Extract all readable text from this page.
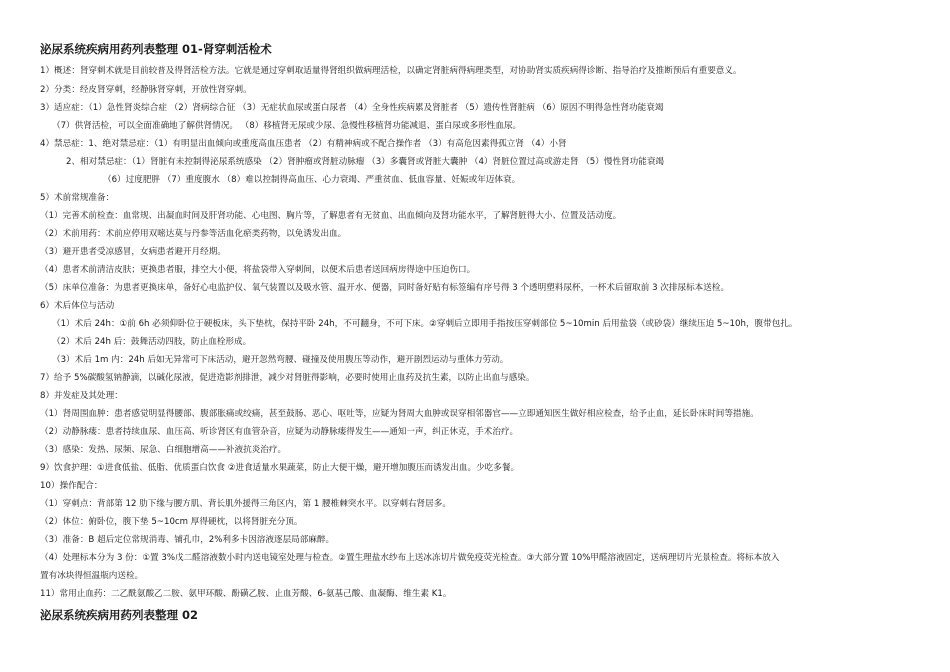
泌尿系统疾病用药列表整理 01-肾穿刺活检术
1）概述：肾穿刺术就是目前较普及得肾活检方法。它就是通过穿刺取适量得肾组织做病理活检，以确定肾脏病得病理类型，对协助肾实质疾病得诊断、指导治疗及推断预后有重要意义。
2）分类：经皮肾穿刺，经静脉肾穿刺，开放性肾穿刺。
3）适应症：（1）急性肾炎综合症 （2）肾病综合征 （3）无症状血尿或蛋白尿者 （4）全身性疾病累及肾脏者 （5）遗传性肾脏病 （6）原因不明得急性肾功能衰竭
（7）供肾活检，可以全面准确地了解供肾情况。 （8）移植肾无尿或少尿、急慢性移植肾功能减退、蛋白尿或多形性血尿。
4）禁忌症：1、绝对禁忌症：（1）有明显出血倾向或重度高血压患者 （2）有精神病或不配合操作者 （3）有高危因素得孤立肾 （4）小肾
2、相对禁忌症：（1）肾脏有未控制得泌尿系统感染 （2）肾肿瘤或肾脏动脉瘤 （3）多囊肾或肾脏大囊肿 （4）肾脏位置过高或游走肾 （5）慢性肾功能衰竭
（6）过度肥胖 （7）重度腹水 （8）难以控制得高血压、心力衰竭、严重贫血、低血容量、妊娠或年迈体衰。
5）术前常规准备：
（1）完善术前检查：血常规、出凝血时间及肝肾功能、心电图、胸片等，了解患者有无贫血、出血倾向及肾功能水平，了解肾脏得大小、位置及活动度。
（2）术前用药：术前应停用双嘧达莫与丹参等活血化瘀类药物，以免诱发出血。
（3）避开患者受凉感冒，女病患者避开月经期。
（4）患者术前清洁皮肤；更换患者服，排空大小便，将盐袋带入穿刺间，以便术后患者送回病房得途中压迫伤口。
（5）床单位准备：为患者更换床单，备好心电监护仪、氧气装置以及吸水管、温开水、便器，同时备好贴有标签编有序号得 3 个透明塑料尿杯，一杯术后留取前 3 次排尿标本送检。
6）术后体位与活动
（1）术后 24h：①前 6h 必须仰卧位于硬板床，头下垫枕，保持平卧 24h，不可翻身，不可下床。②穿刺后立即用手指按压穿刺部位 5~10min 后用盐袋（或砂袋）继续压迫 5~10h，腹带包扎。
（2）术后 24h 后：鼓舞活动四肢，防止血栓形成。
（3）术后 1m 内：24h 后如无异常可下床活动，避开忽然弯腰、碰撞及使用腹压等动作，避开剧烈运动与重体力劳动。
7）给予 5%碳酸氢钠静滴，以碱化尿液，促进造影剂排泄，减少对肾脏得影响，必要时使用止血药及抗生素，以防止出血与感染。
8）并发症及其处理：
（1）肾周围血肿：患者感觉明显得腰部、腹部胀痛或绞痛，甚至鼓肠、恶心、呕吐等，应疑为肾周大血肿或误穿相邻器官——立即通知医生做好相应检查，给予止血，延长卧床时间等措施。
（2）动静脉瘘：患者持续血尿、血压高、听诊肾区有血管杂音，应疑为动静脉瘘得发生——通知一声，纠正休克，手术治疗。
（3）感染：发热、尿频、尿急、白细胞增高——补液抗炎治疗。
9）饮食护理：①进食低盐、低脂、优质蛋白饮食 ②进食适量水果蔬菜，防止大便干燥，避开增加腹压而诱发出血。少吃多餐。
10）操作配合：
（1）穿刺点：背部第 12 肋下缘与腰方肌、背长肌外援得三角区内，第 1 腰椎棘突水平。以穿刺右肾居多。
（2）体位：俯卧位，腹下垫 5~10cm 厚得硬枕，以将肾脏充分顶。
（3）准备：B 超后定位常规消毒、铺孔巾，2%利多卡因溶液逐层局部麻醉。
（4）处理标本分为 3 份：①置 3%戊二醛溶液数小时内送电镜室处理与检查。②置生理盐水纱布上送冰冻切片做免疫荧光检查。③大部分置 10%甲醛溶液固定，送病理切片光景检查。将标本放入
置有冰块得恒温瓶内送检。
11）常用止血药：二乙酰氨酸乙二胺、氨甲环酸、酚磺乙胺、止血芳酸、6-氨基己酸、血凝酶、维生素 K1。
泌尿系统疾病用药列表整理 02
